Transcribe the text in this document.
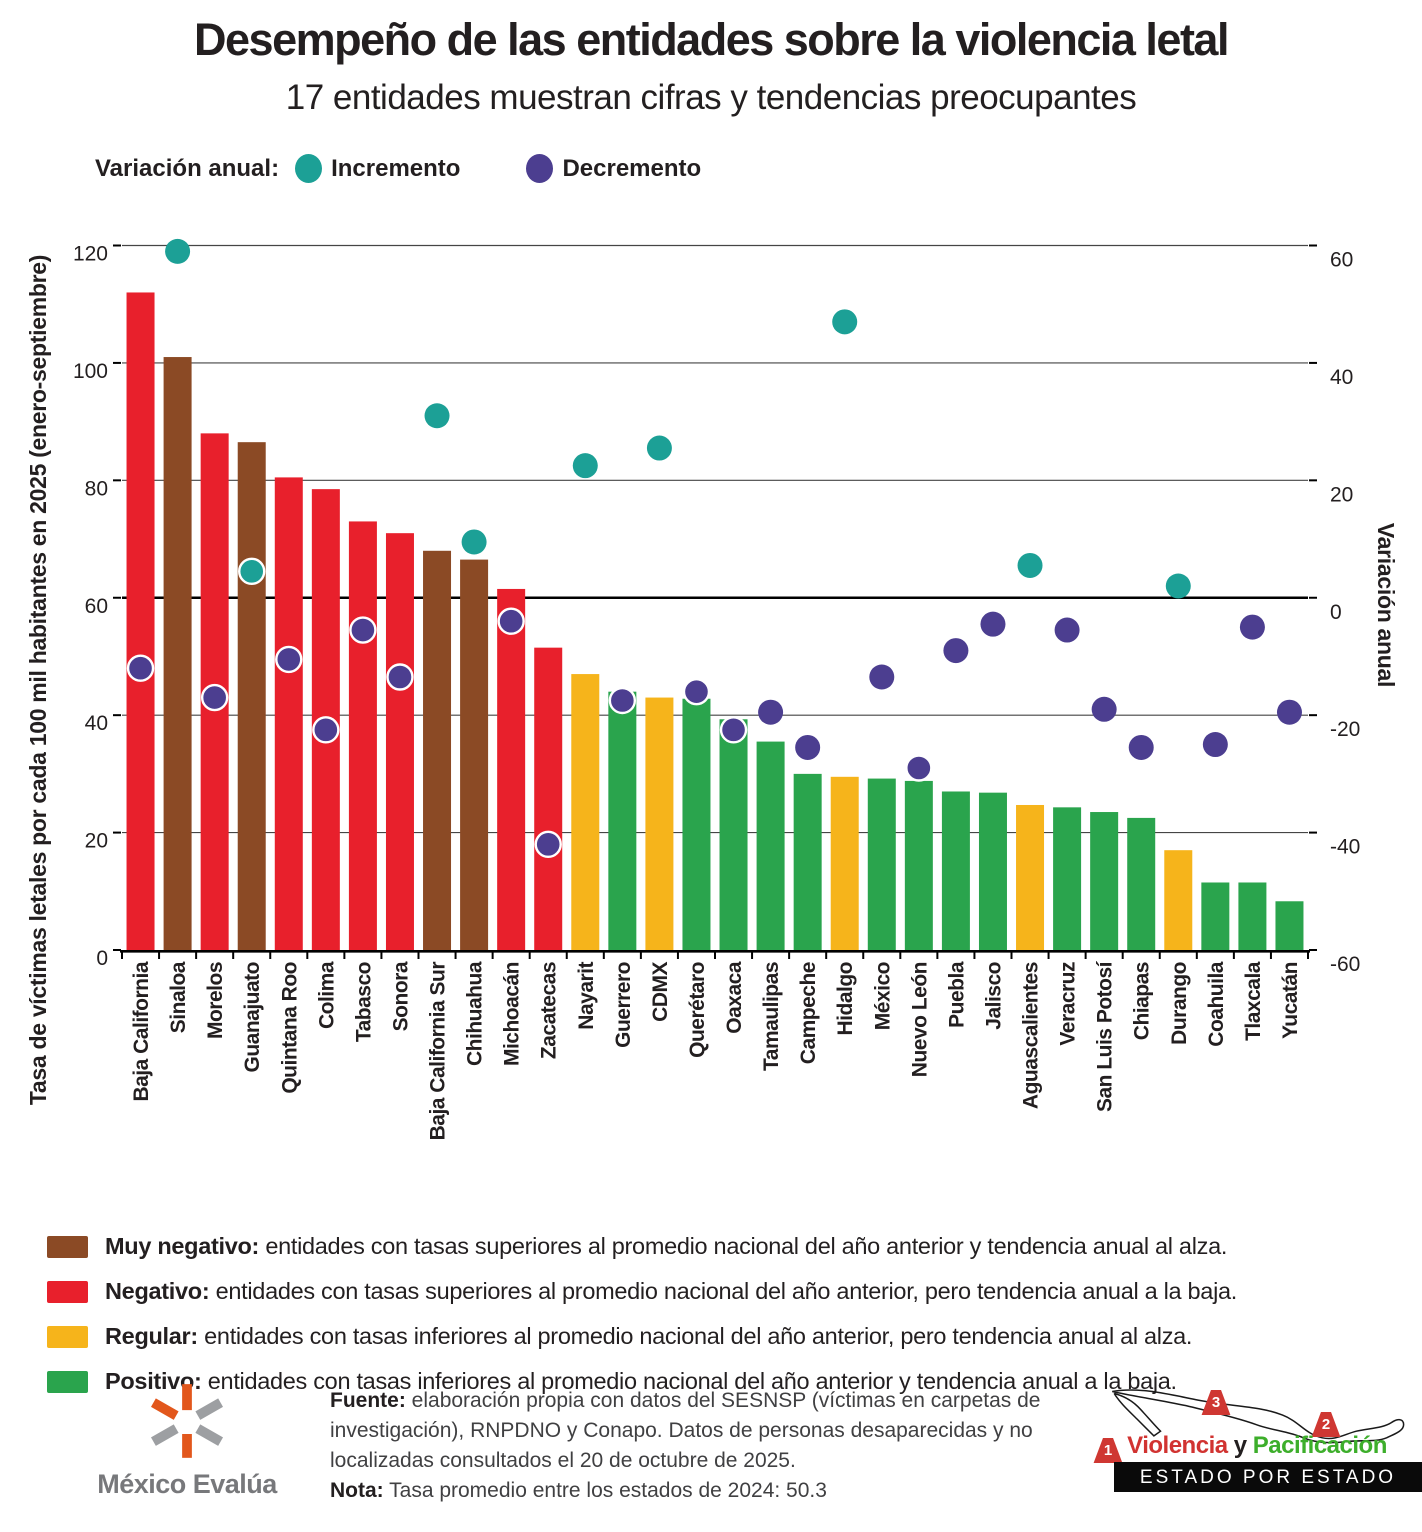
Desempeño de las entidades sobre la violencia letal
17 entidades muestran cifras y tendencias preocupantes
Variación anual: Incremento	Decremento
0
20
40
60
80
100
120
-60
-40
-20
0
20
40
60
Baja California Sinaloa Morelos Guanajuato Quintana Roo Colima Tabasco Sonora Baja California Sur Chihuahua Michoacán Zacatecas Nayarit Guerrero CDMX Querétaro Oaxaca Tamaulipas Campeche Hidalgo México Nuevo León Puebla Jalisco Aguascalientes Veracruz San Luis Potosí Chiapas Durango Coahuila Tlaxcala Yucatán
Tasa de víctimas letales por cada 100 mil habitantes en 2025 (enero-septiembre)	Variación anual

Muy negativo: entidades con tasas superiores al promedio nacional del año anterior y tendencia anual al alza.

Negativo: entidades con tasas superiores al promedio nacional del año anterior, pero tendencia anual a la baja.

Regular: entidades con tasas inferiores al promedio nacional del año anterior, pero tendencia anual al alza.

Positivo: entidades con tasas inferiores al promedio nacional del año anterior y tendencia anual a la baja.

México Evalúa

Fuente: elaboración propia con datos del SESNSP (víctimas en carpetas de investigación), RNPDNO y Conapo. Datos de personas desaparecidas y no localizadas consultados el 20 de octubre de 2025.

Nota: Tasa promedio entre los estados de 2024: 50.3

1
2
3
Violencia y Pacificación
ESTADO POR ESTADO
